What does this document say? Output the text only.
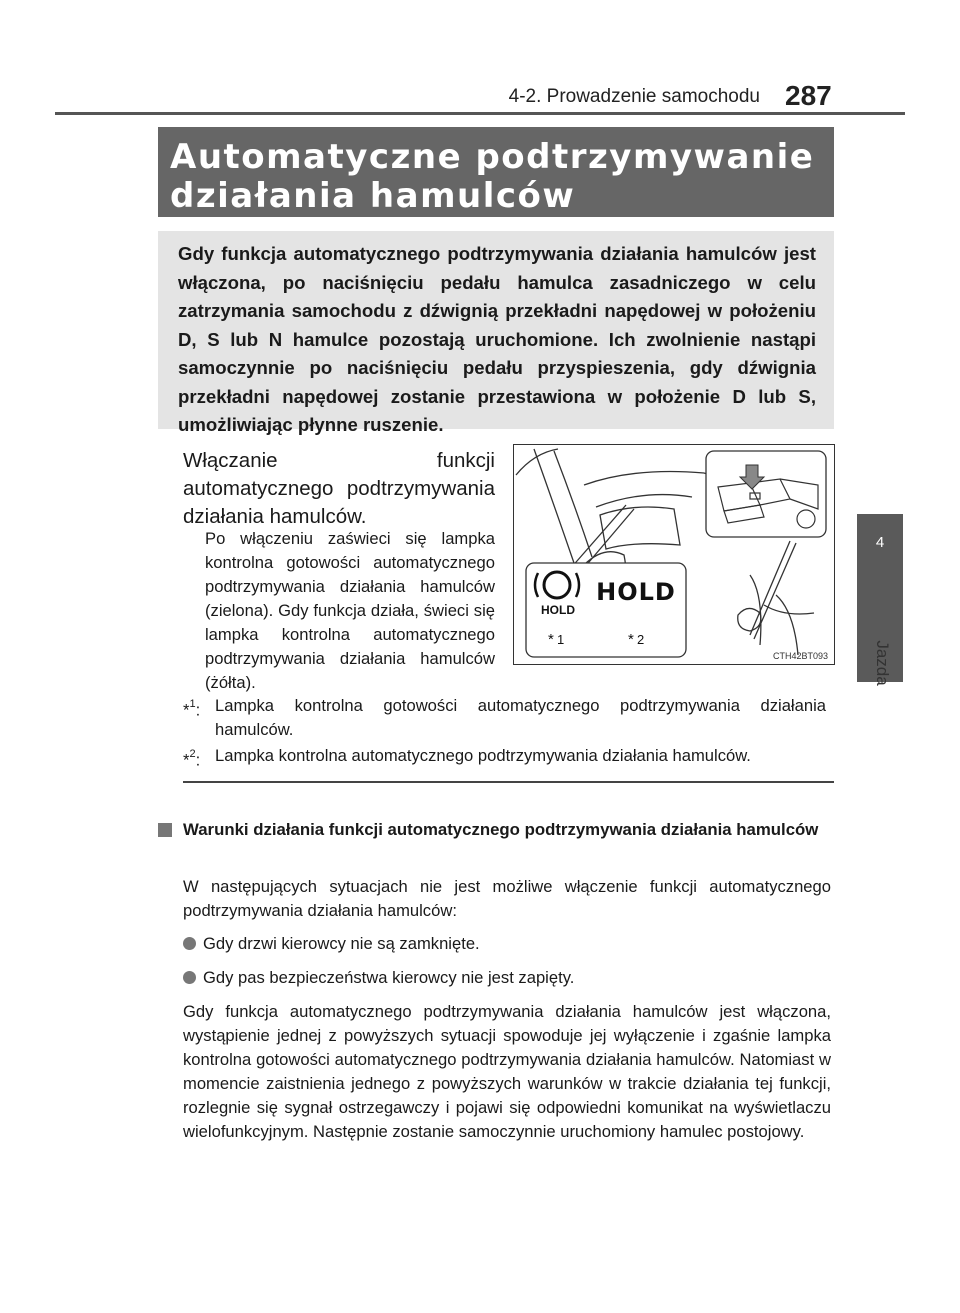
4-2. Prowadzenie samochodu 287
4
Jazda
Automatyczne podtrzymywanie działania hamulców
Gdy funkcja automatycznego podtrzymywania działania hamulców jest włączona, po naciśnięciu pedału hamulca zasadniczego w celu zatrzymania samochodu z dźwignią przekładni napędowej w położeniu D, S lub N hamulce pozostają uruchomione. Ich zwolnienie nastąpi samoczynnie po naciśnięciu pedału przyspieszenia, gdy dźwignia przekładni napędowej zostanie przestawiona w położenie D lub S, umożliwiając płynne ruszenie.
Włączanie funkcji automatycznego podtrzymywania działania hamulców.
Po włączeniu zaświeci się lampka kontrolna gotowości automatycznego podtrzymywania działania hamulców (zielona). Gdy funkcja działa, świeci się lampka kontrolna automatycznego podtrzymywania działania hamulców (żółta).
HOLD
HOLD
* 1	* 2
CTH42BT093
*$^1$: Lampka kontrolna gotowości automatycznego podtrzymywania działania hamulców.
*$^2$: Lampka kontrolna automatycznego podtrzymywania działania hamulców.
Warunki działania funkcji automatycznego podtrzymywania działania hamulców
W następujących sytuacjach nie jest możliwe włączenie funkcji automatycznego podtrzymywania działania hamulców:
Gdy drzwi kierowcy nie są zamknięte.
Gdy pas bezpieczeństwa kierowcy nie jest zapięty.
Gdy funkcja automatycznego podtrzymywania działania hamulców jest włączona, wystąpienie jednej z powyższych sytuacji spowoduje jej wyłączenie i zgaśnie lampka kontrolna gotowości automatycznego podtrzymywania działania hamulców. Natomiast w momencie zaistnienia jednego z powyższych warunków w trakcie działania tej funkcji, rozlegnie się sygnał ostrzegawczy i pojawi się odpowiedni komunikat na wyświetlaczu wielofunkcyjnym. Następnie zostanie samoczynnie uruchomiony hamulec postojowy.
